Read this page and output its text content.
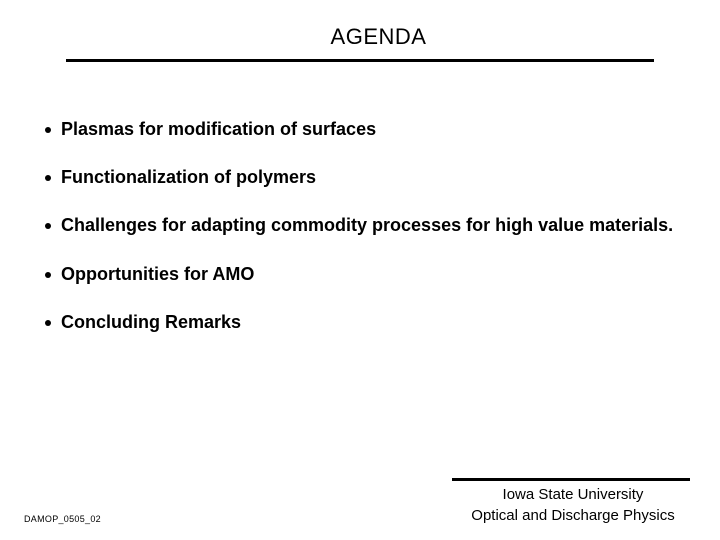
AGENDA
Plasmas for modification of surfaces
Functionalization of polymers
Challenges for adapting commodity processes for high value materials.
Opportunities for AMO
Concluding Remarks
DAMOP_0505_02
Iowa State University
Optical and Discharge Physics
